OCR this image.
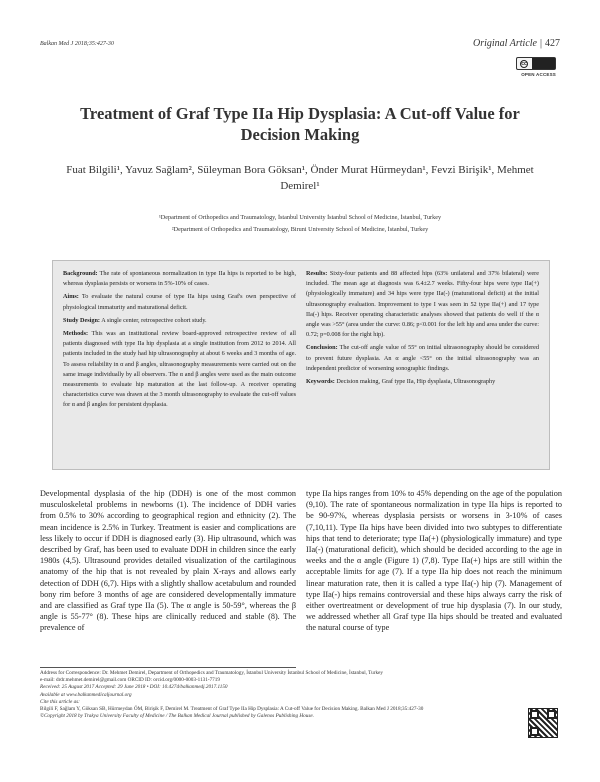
Balkan Med J 2018;35:427-30	Original Article | 427
cc
OPEN ACCESS
Treatment of Graf Type IIa Hip Dysplasia: A Cut-off Value for Decision Making
Fuat Bilgili¹, Yavuz Sağlam², Süleyman Bora Göksan¹, Önder Murat Hürmeydan¹, Fevzi Birişik¹, Mehmet Demirel¹
¹Department of Orthopedics and Traumatology, İstanbul University İstanbul School of Medicine, İstanbul, Turkey
²Department of Orthopedics and Traumatology, Biruni University School of Medicine, İstanbul, Turkey

Background: The rate of spontaneous normalization in type IIa hips is reported to be high, whereas dysplasia persists or worsens in 5%-10% of cases.

Aims: To evaluate the natural course of type IIa hips using Graf's own perspective of physiological immaturity and maturational deficit.

Study Design: A single center, retrospective cohort study.

Methods: This was an institutional review board-approved retrospective review of all patients diagnosed with type IIa hip dysplasia at a single institution from 2012 to 2014. All patients included in the study had hip ultrasonography at about 6 weeks and 3 months of age. To assess reliability in α and β angles, ultrasonography measurements were carried out on the same image individually by all observers. The α and β angles were used as the main outcome measurements to evaluate hip maturation at the last follow-up. A receiver operating characteristics curve was drawn at the 3 month ultrasonography to evaluate the cut-off values for α and β angles for persistent dysplasia.

Results: Sixty-four patients and 88 affected hips (63% unilateral and 37% bilateral) were included. The mean age at diagnosis was 6.4±2.7 weeks. Fifty-four hips were type IIa(+) (physiologically immature) and 34 hips were type IIa(-) (maturational deficit) at the initial ultrasonography evaluation. Improvement to type I was seen in 52 type IIa(+) and 17 type IIa(-) hips. Receiver operating characteristic analyses showed that patients do well if the α angle was >55° (area under the curve: 0.86; p<0.001 for the left hip and area under the curve: 0.72; p=0.008 for the right hip).

Conclusion: The cut-off angle value of 55° on initial ultrasonography should be considered to prevent future dysplasia. An α angle <55° on the initial ultrasonography was an independent predictor of worsening sonographic findings.

Keywords: Decision making, Graf type IIa, Hip dysplasia, Ultrasonography

Developmental dysplasia of the hip (DDH) is one of the most common musculoskeletal problems in newborns (1). The incidence of DDH varies from 0.5% to 30% according to geographical region and ethnicity (2). The mean incidence is 2.5% in Turkey. Treatment is easier and complications are less likely to occur if DDH is diagnosed early (3). Hip ultrasound, which was described by Graf, has been used to evaluate DDH in children since the early 1980s (4,5). Ultrasound provides detailed visualization of the cartilaginous anatomy of the hip that is not revealed by plain X-rays and allows early detection of DDH (6,7). Hips with a slightly shallow acetabulum and rounded bony rim before 3 months of age are considered developmentally immature and are classified as Graf type IIa (5). The α angle is 50-59°, whereas the β angle is 55-77° (8). These hips are clinically reduced and stable (8). The prevalence of
type IIa hips ranges from 10% to 45% depending on the age of the population (9,10). The rate of spontaneous normalization in type IIa hips is reported to be 90-97%, whereas dysplasia persists or worsens in 3-10% of cases (7,10,11). Type IIa hips have been divided into two subtypes to differentiate hips that tend to deteriorate; type IIa(+) (physiologically immature) and type IIa(-) (maturational deficit), which should be decided according to the age in weeks and the α angle (Figure 1) (7,8). Type IIa(+) hips are still within the acceptable limits for age (7). If a type IIa hip does not reach the minimum linear maturation rate, then it is called a type IIa(-) hip (7). Management of type IIa(-) hips remains controversial and these hips always carry the risk of either overtreatment or development of true hip dysplasia (7). In our study, we addressed whether all Graf type IIa hips should be treated and evaluated the natural course of type
Address for Correspondence: Dr. Mehmet Demirel, Department of Orthopedics and Traumatology, İstanbul University İstanbul School of Medicine, İstanbul, Turkey
e-mail: drdr.mehmet.demirel@gmail.com ORCID ID: orcid.org/0000-0003-1131-7719
Received: 25 August 2017 Accepted: 29 June 2018 • DOI: 10.4274/balkanmedj.2017.1150
Available at www.balkanmedicaljournal.org
Cite this article as:
Bilgili F, Sağlam Y, Göksan SB, Hürmeydan ÖM, Birişik F, Demirel M. Treatment of Graf Type IIa Hip Dysplasia: A Cut-off Value for Decision Making. Balkan Med J 2018;35:427-30
©Copyright 2018 by Trakya University Faculty of Medicine / The Balkan Medical Journal published by Galenos Publishing House.
